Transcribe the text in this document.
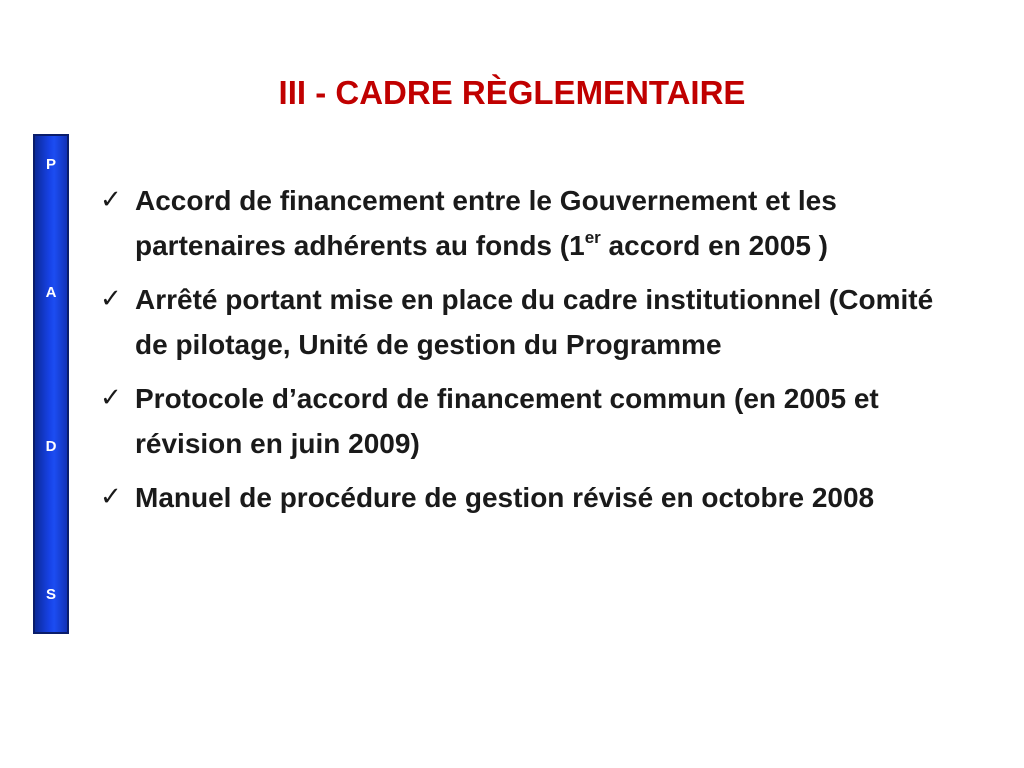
III - CADRE RÈGLEMENTAIRE
P
A
D
S
✓ Accord de financement entre le Gouvernement et les partenaires adhérents au fonds (1er accord en 2005 )
✓ Arrêté portant mise en place du cadre institutionnel (Comité de pilotage, Unité de gestion du Programme
✓ Protocole d’accord de financement commun (en 2005 et révision en juin 2009)
✓ Manuel de procédure de gestion révisé en octobre 2008
